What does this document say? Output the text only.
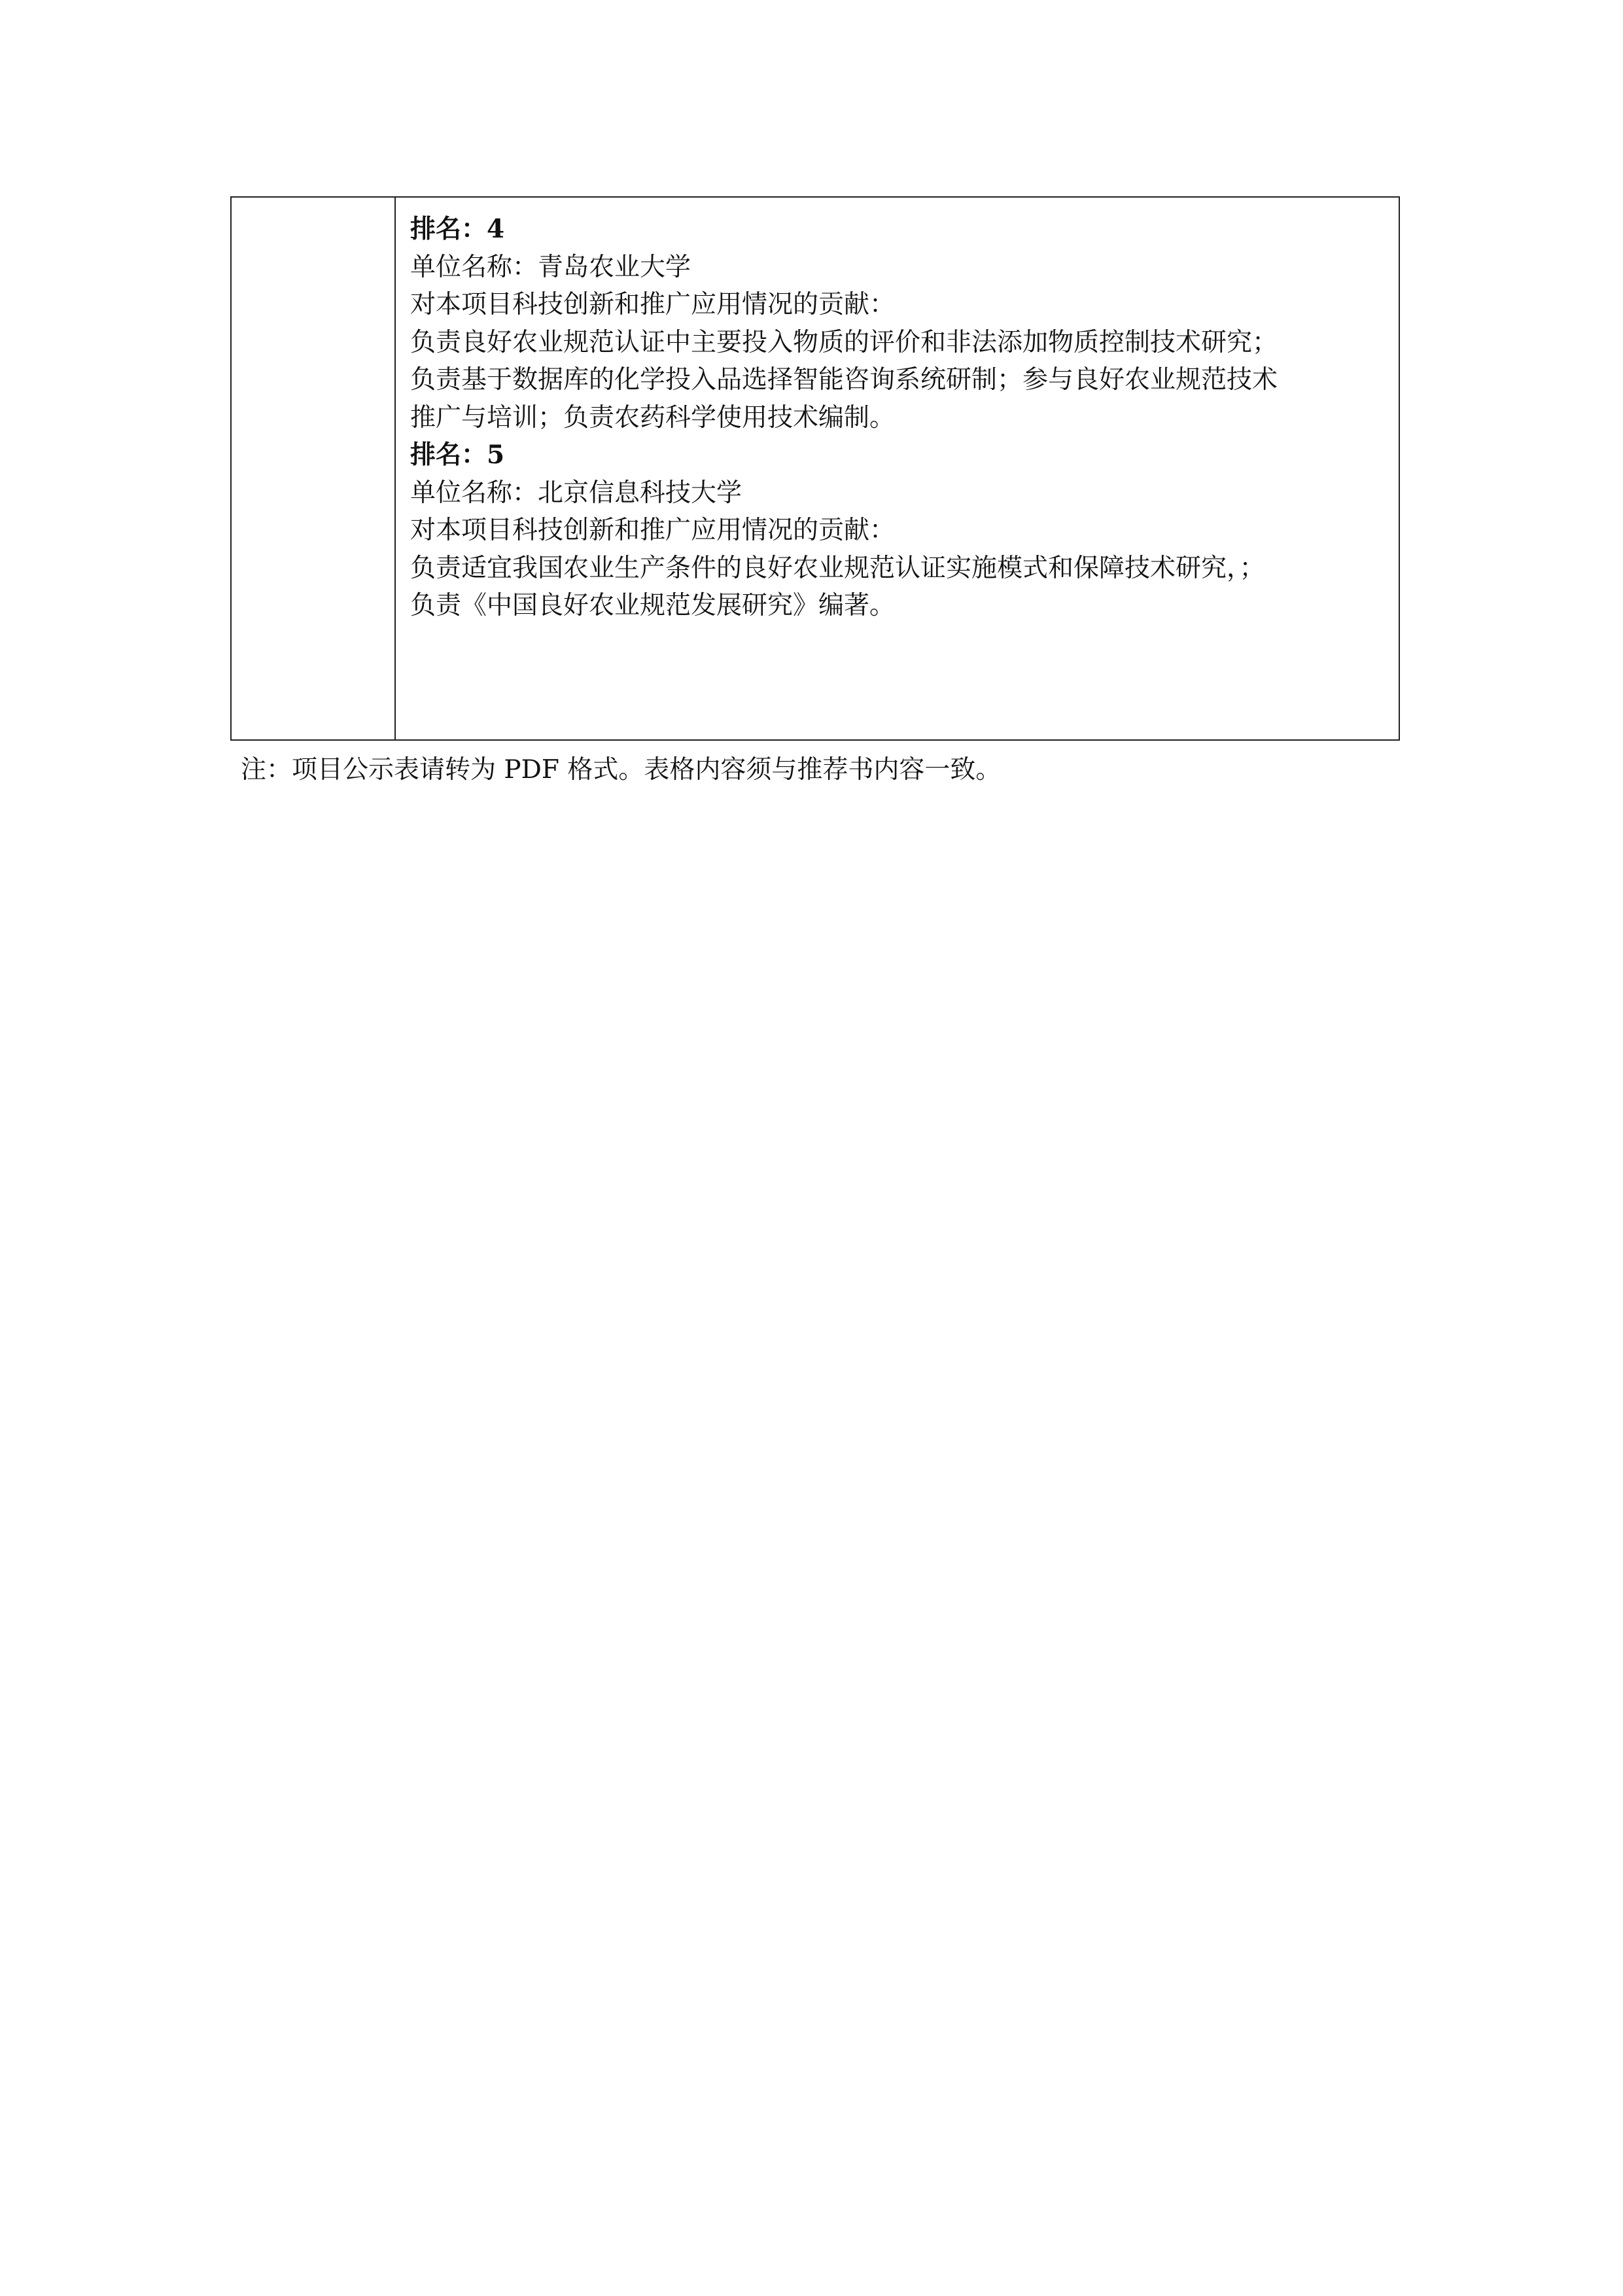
排名：4
单位名称：青岛农业大学
对本项目科技创新和推广应用情况的贡献：
负责良好农业规范认证中主要投入物质的评价和非法添加物质控制技术研究；
负责基于数据库的化学投入品选择智能咨询系统研制；参与良好农业规范技术
推广与培训；负责农药科学使用技术编制。
排名：5
单位名称：北京信息科技大学
对本项目科技创新和推广应用情况的贡献：
负责适宜我国农业生产条件的良好农业规范认证实施模式和保障技术研究，；
负责《中国良好农业规范发展研究》编著。
注：项目公示表请转为 PDF 格式。表格内容须与推荐书内容一致。
